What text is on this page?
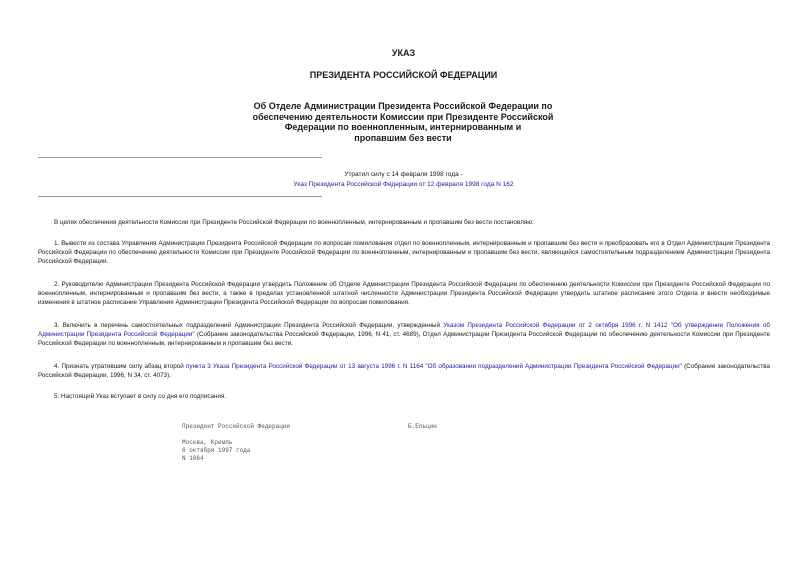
УКАЗ
ПРЕЗИДЕНТА РОССИЙСКОЙ ФЕДЕРАЦИИ
Об Отделе Администрации Президента Российской Федерации по
обеспечению деятельности Комиссии при Президенте Российской
Федерации по военнопленным, интернированным и
пропавшим без вести
Утратил силу с 14 февраля 1998 года -
Указ Президента Российской Федерации от 12 февраля 1998 года N 162

В целях обеспечения деятельности Комиссии при Президенте Российской Федерации по военнопленным, интернированным и пропавшим без вести постановляю:

1. Вывести из состава Управления Администрации Президента Российской Федерации по вопросам помилования отдел по военнопленным, интернированным и пропавшим без вести и преобразовать его в Отдел Администрации Президента Российской Федерации по обеспечению деятельности Комиссии при Президенте Российской Федерации по военнопленным, интернированным и пропавшим без вести, являющийся самостоятельным подразделением Администрации Президента Российской Федерации.

2. Руководителю Администрации Президента Российской Федерации утвердить Положение об Отделе Администрации Президента Российской Федерации по обеспечению деятельности Комиссии при Президенте Российской Федерации по военнопленным, интернированным и пропавшим без вести, а также в пределах установленной штатной численности Администрации Президента Российской Федерации утвердить штатное расписание этого Отдела и внести необходимые изменения в штатное расписание Управления Администрации Президента Российской Федерации по вопросам помилования.

3. Включить в перечень самостоятельных подразделений Администрации Президента Российской Федерации, утвержденный Указом Президента Российской Федерации от 2 октября 1996 г. N 1412 "Об утверждении Положения об Администрации Президента Российской Федерации" (Собрание законодательства Российской Федерации, 1996, N 41, ст. 4689), Отдел Администрации Президента Российской Федерации по обеспечению деятельности Комиссии при Президенте Российской Федерации по военнопленным, интернированным и пропавшим без вести.

4. Признать утратившим силу абзац второй пункта 3 Указа Президента Российской Федерации от 13 августа 1996 г. N 1164 "Об образовании подразделений Администрации Президента Российской Федерации" (Собрание законодательства Российской Федерации, 1996, N 34, ст. 4073).

5. Настоящий Указ вступает в силу со дня его подписания.

Президент Российской Федерации	Б.Ельцин
Москва, Кремль
6 октября 1997 года
N 1064
